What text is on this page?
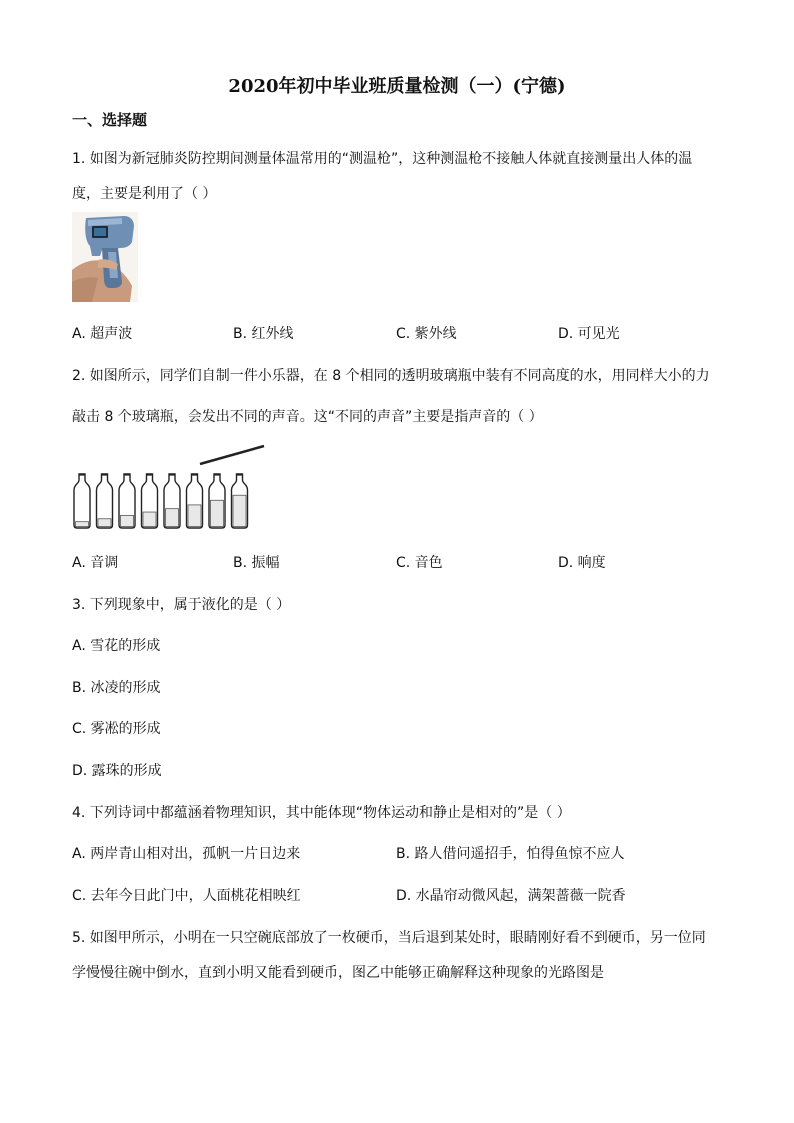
2020年初中毕业班质量检测（一）(宁德)
一、选择题
1. 如图为新冠肺炎防控期间测量体温常用的“测温枪”，这种测温枪不接触人体就直接测量出人体的温
度，主要是利用了（ ）
A. 超声波	B. 红外线	C. 紫外线	D. 可见光
2. 如图所示，同学们自制一件小乐器，在 8 个相同的透明玻璃瓶中装有不同高度的水，用同样大小的力
敲击 8 个玻璃瓶，会发出不同的声音。这“不同的声音”主要是指声音的（ ）
A. 音调	B. 振幅	C. 音色	D. 响度
3. 下列现象中，属于液化的是（ ）
A. 雪花的形成
B. 冰凌的形成
C. 雾凇的形成
D. 露珠的形成
4. 下列诗词中都蕴涵着物理知识，其中能体现“物体运动和静止是相对的”是（ ）
A. 两岸青山相对出，孤帆一片日边来	B. 路人借问遥招手，怕得鱼惊不应人
C. 去年今日此门中，人面桃花相映红	D. 水晶帘动微风起，满架蔷薇一院香
5. 如图甲所示，小明在一只空碗底部放了一枚硬币，当后退到某处时，眼睛刚好看不到硬币，另一位同
学慢慢往碗中倒水，直到小明又能看到硬币，图乙中能够正确解释这种现象的光路图是
